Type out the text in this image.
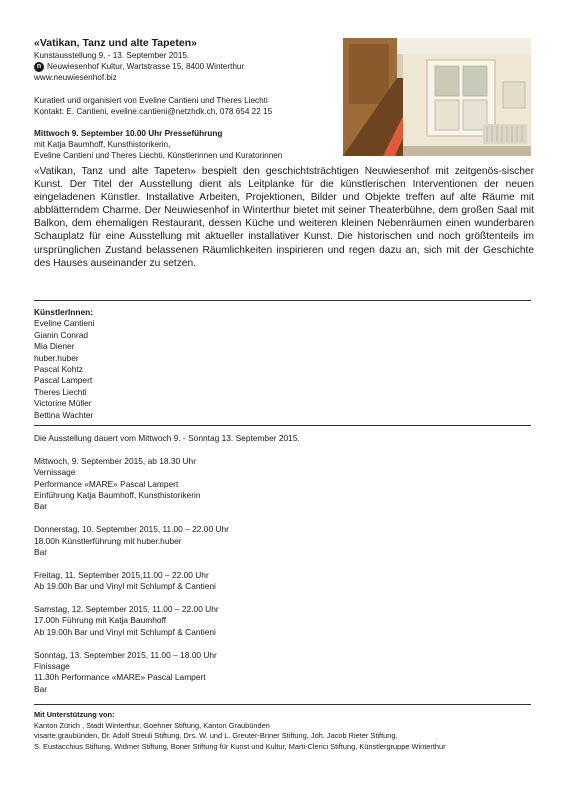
«Vatikan, Tanz und alte Tapeten»

Kunstausstellung 9. - 13. September 2015.

n Neuwiesenhof Kultur, Wartstrasse 15, 8400 Winterthur

www.neuwiesenhof.biz

Kuratiert und organisiert von Eveline Cantieni und Theres Liechti

Kontakt: E. Cantieni, eveline.cantieni@netzhdk.ch, 078 654 22 15

Mittwoch 9. September 10.00 Uhr Presseführung

mit Katja Baumhoff, Kunsthistorikerin,

Eveline Cantieni und Theres Liechti, Künstlerinnen und Kuratorinnen

«Vatikan, Tanz und alte Tapeten» bespielt den geschichtsträchtigen Neuwiesenhof mit zeitgenös-sischer Kunst. Der Titel der Ausstellung dient als Leitplanke für die künstlerischen Interventionen der neuen eingeladenen Künstler. Installative Arbeiten, Projektionen, Bilder und Objekte treffen auf alte Räume mit abblätterndem Charme. Der Neuwiesenhof in Winterthur bietet mit seiner Theaterbühne, dem großen Saal mit Balkon, dem ehemaligen Restaurant, dessen Küche und weiteren kleinen Nebenräumen einen wunderbaren Schauplatz für eine Ausstellung mit aktueller installativer Kunst. Die historischen und noch größtenteils im ursprünglichen Zustand belassenen Räumlichkeiten inspirieren und regen dazu an, sich mit der Geschichte des Hauses auseinander zu setzen.

KünstlerInnen:

Eveline Cantieni

Gianin Conrad

Mia Diener

huber.huber

Pascal Kohtz

Pascal Lampert

Theres Liechti

Victorine Müller

Bettina Wachter

Die Ausstellung dauert vom Mittwoch 9. - Sonntag 13. September 2015.

Mittwoch, 9. September 2015, ab 18.30 Uhr

Vernissage

Performance «MARE» Pascal Lampert

Einführung Katja Baumhoff, Kunsthistorikerin

Bar

Donnerstag, 10. September 2015, 11.00 – 22.00 Uhr

18.00h Künstlerführung mit huber.huber

Bar

Freitag, 11. September 2015,11.00 – 22.00 Uhr

Ab 19.00h Bar und Vinyl mit Schlumpf & Cantieni

Samstag, 12. September 2015, 11.00 – 22.00 Uhr

17.00h Führung mit Katja Baumhoff

Ab 19.00h Bar und Vinyl mit Schlumpf & Cantieni

Sonntag, 13. September 2015, 11.00 – 18.00 Uhr

Finissage

11.30h Performance «MARE» Pascal Lampert

Bar

Mit Unterstützung von:

Kanton Zürich , Stadt Winterthur, Goehner Stiftung, Kanton Graubünden

visarte.graubünden, Dr. Adolf Streuli Stiftung, Drs. W. und L. Greuter-Briner Stiftung, Joh. Jacob Rieter Stiftung,

S. Eustacchius Stiftung, Widmer Stiftung, Boner Stiftung für Kunst und Kultur, Marti-Clerici Stiftung, Künstlergruppe Winterthur
